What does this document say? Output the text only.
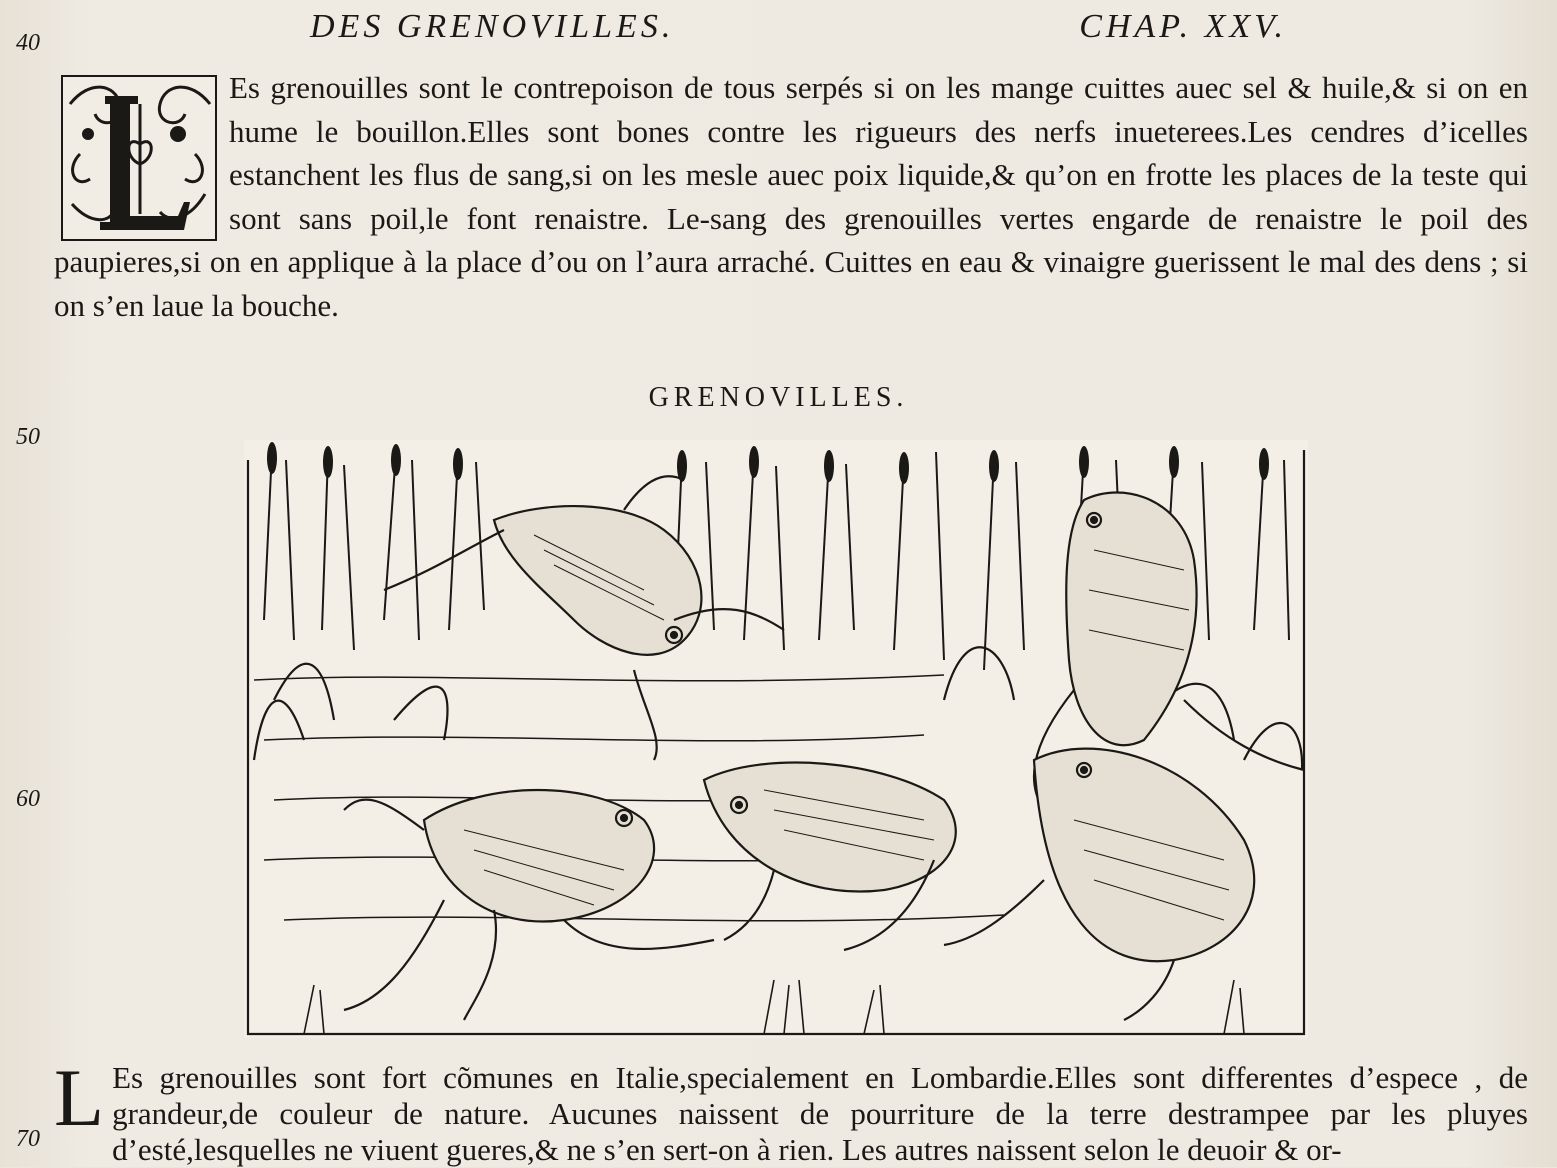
DES GRENOVILLES.	CHAP. XXV.
40
50
60
70

Es grenouilles sont le contrepoison de tous serpés si on les mange cuittes auec sel & huile,& si on en hume le bouillon.Elles sont bones contre les rigueurs des nerfs inueterees.Les cendres d’icelles estanchent les flus de sang,si on les mesle auec poix liquide,& qu’on en frotte les places de la teste qui sont sans poil,le font renaistre. Le-sang des grenouilles vertes engarde de renaistre le poil des paupieres,si on en applique à la place d’ou on l’aura arraché. Cuittes en eau & vinaigre guerissent le mal des dens ; si on s’en laue la bouche.

GRENOVILLES.

L Es grenouilles sont fort cõmunes en Italie,specialement en Lombardie.Elles sont differentes d’espece , de grandeur,de couleur de nature. Aucunes naissent de pourriture de la terre destrampee par les pluyes d’esté,lesquelles ne viuent gueres,& ne s’en sert-on à rien. Les autres naissent selon le deuoir & or-
